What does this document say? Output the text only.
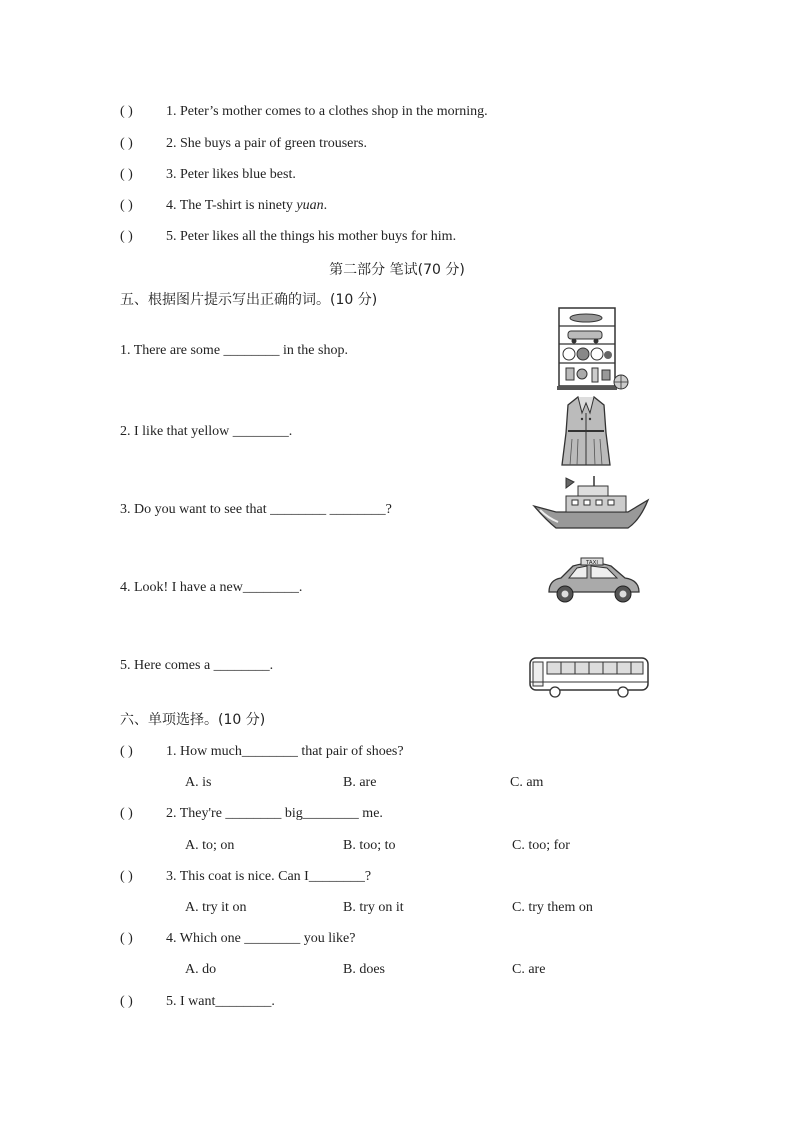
( ) 1. Peter’s mother comes to a clothes shop in the morning.
( ) 2. She buys a pair of green trousers.
( ) 3. Peter likes blue best.
( ) 4. The T-shirt is ninety yuan.
( ) 5. Peter likes all the things his mother buys for him.
第二部分 笔试(70 分)
五、根据图片提示写出正确的词。(10 分)
1. There are some ________ in the shop.
2. I like that yellow ________.
3. Do you want to see that ________ ________?
4. Look! I have a new________.
5. Here comes a ________.
TAXI
六、单项选择。(10 分)
( ) 1. How much________ that pair of shoes?
A. is	B. are	C. am
( ) 2. They're ________ big________ me.
A. to; on	B. too; to	C. too; for
( ) 3. This coat is nice. Can I________?
A. try it on	B. try on it	C. try them on
( ) 4. Which one ________ you like?
A. do	B. does	C. are
( ) 5. I want________.
